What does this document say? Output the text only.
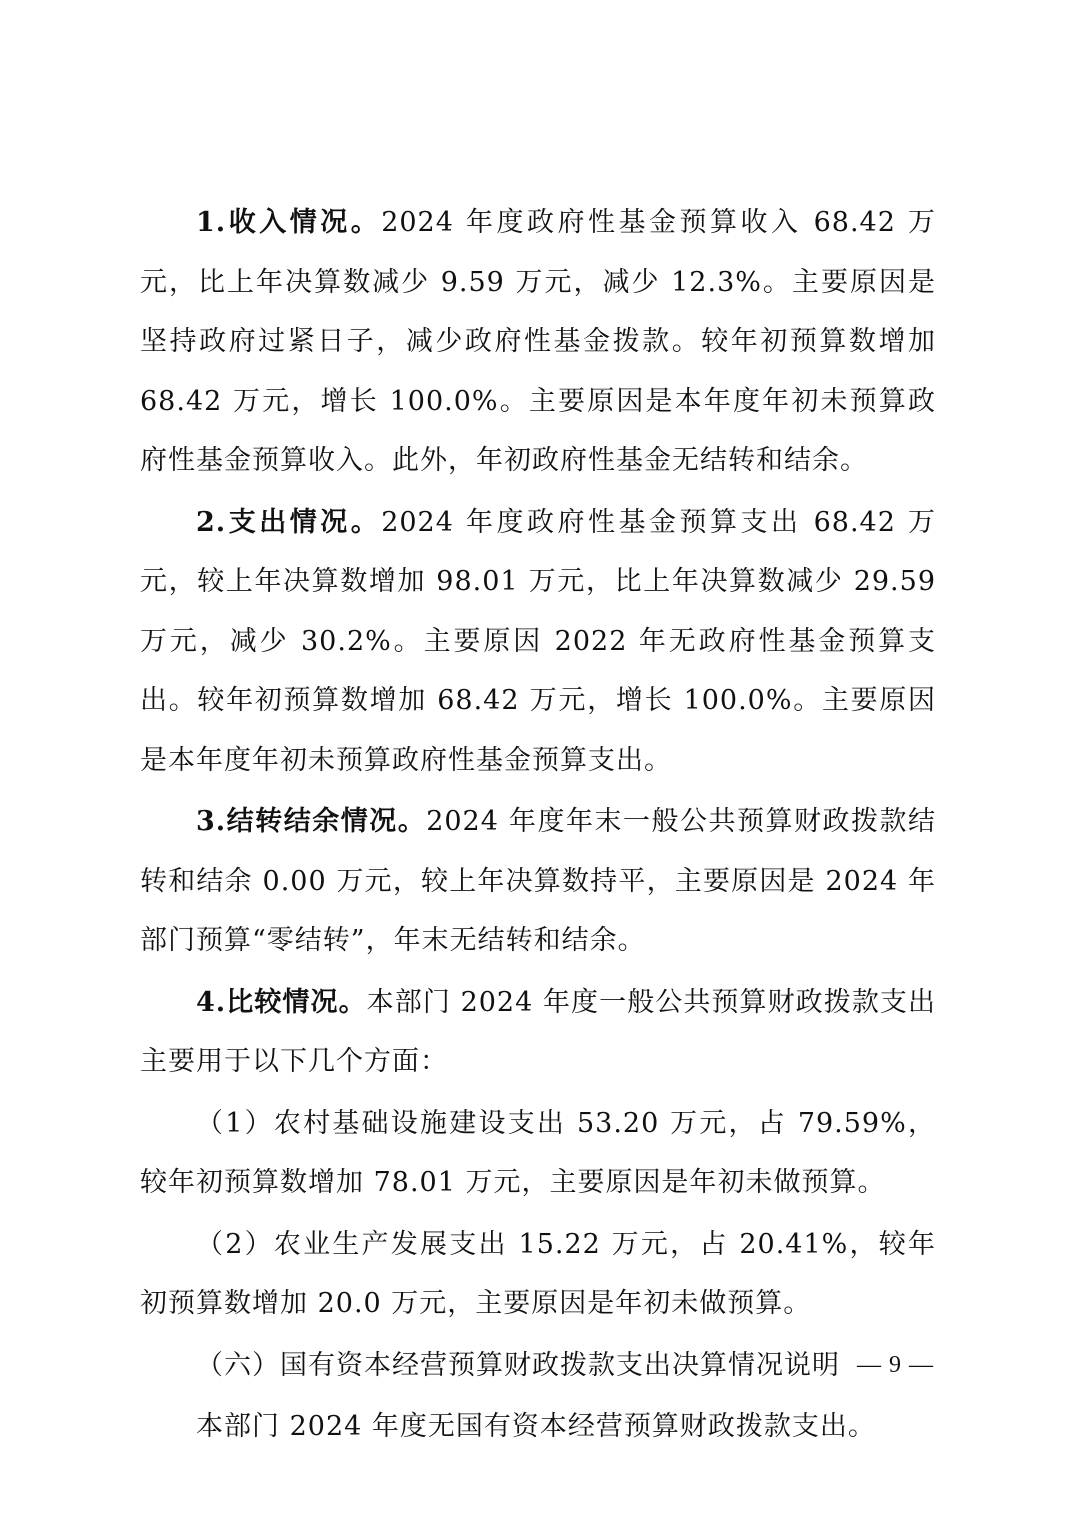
1.收入情况。2024 年度政府性基金预算收入 68.42 万元，比上年决算数减少 9.59 万元，减少 12.3%。主要原因是坚持政府过紧日子，减少政府性基金拨款。较年初预算数增加 68.42 万元，增长 100.0%。主要原因是本年度年初未预算政府性基金预算收入。此外，年初政府性基金无结转和结余。

2.支出情况。2024 年度政府性基金预算支出 68.42 万元，较上年决算数增加 98.01 万元，比上年决算数减少 29.59 万元，减少 30.2%。主要原因 2022 年无政府性基金预算支出。较年初预算数增加 68.42 万元，增长 100.0%。主要原因是本年度年初未预算政府性基金预算支出。

3.结转结余情况。2024 年度年末一般公共预算财政拨款结转和结余 0.00 万元，较上年决算数持平，主要原因是 2024 年部门预算“零结转”，年末无结转和结余。

4.比较情况。本部门 2024 年度一般公共预算财政拨款支出主要用于以下几个方面：

（1）农村基础设施建设支出 53.20 万元，占 79.59%，较年初预算数增加 78.01 万元，主要原因是年初未做预算。

（2）农业生产发展支出 15.22 万元，占 20.41%，较年初预算数增加 20.0 万元，主要原因是年初未做预算。

（六）国有资本经营预算财政拨款支出决算情况说明

本部门 2024 年度无国有资本经营预算财政拨款支出。

— 9 —
